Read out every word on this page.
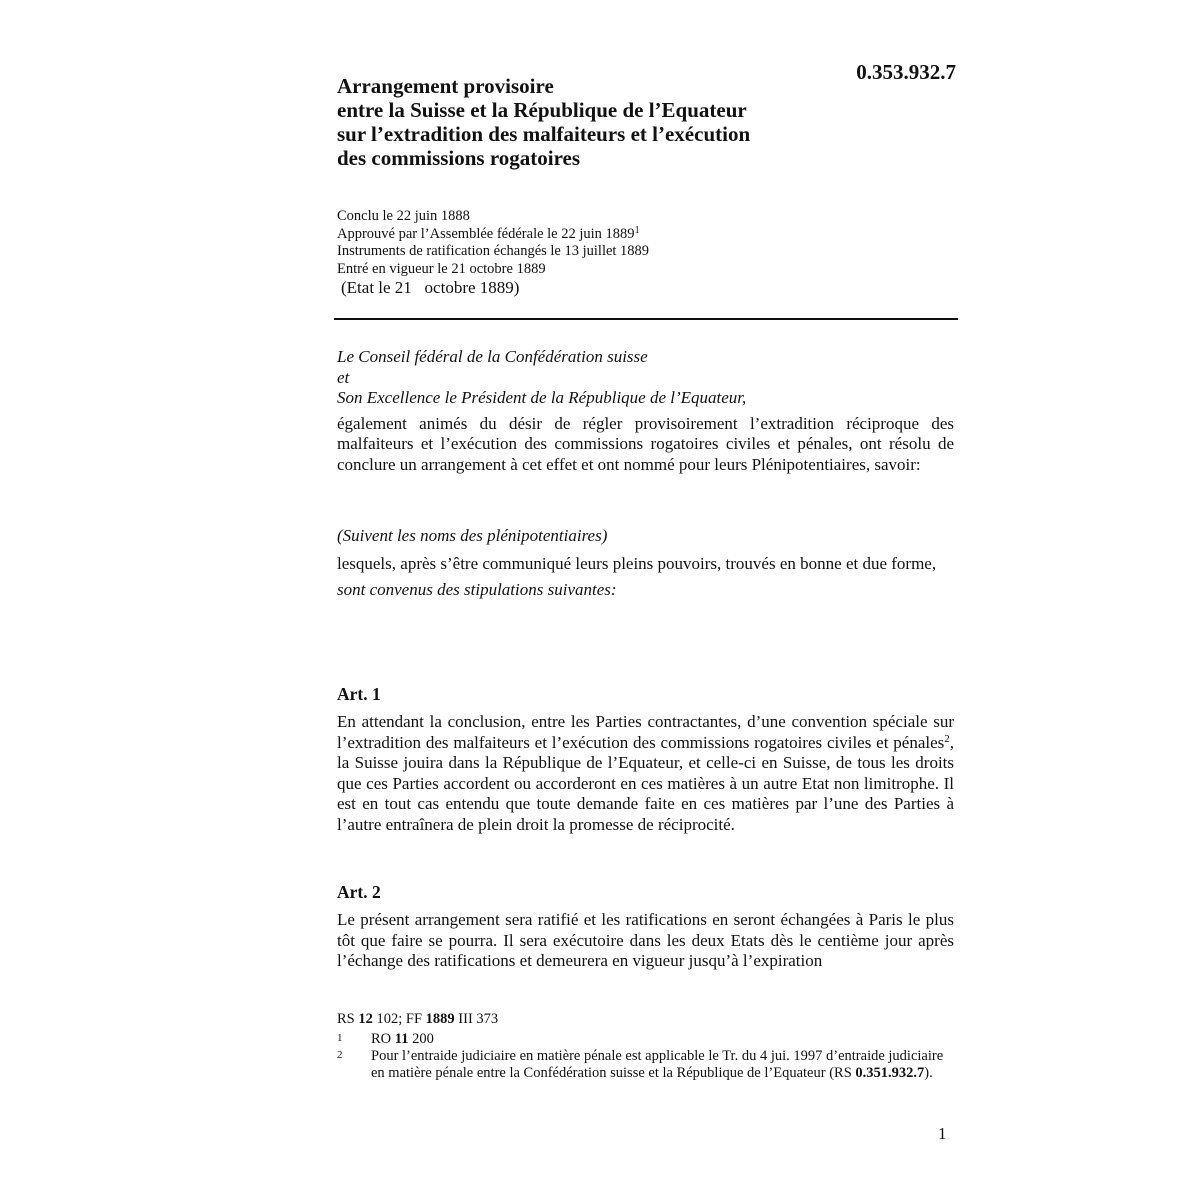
0.353.932.7
Arrangement provisoire
entre la Suisse et la République de l’Equateur
sur l’extradition des malfaiteurs et l’exécution
des commissions rogatoires
Conclu le 22 juin 1888
Approuvé par l’Assemblée fédérale le 22 juin 1889$^1$
Instruments de ratification échangés le 13 juillet 1889
Entré en vigueur le 21 octobre 1889
(Etat le 21   octobre 1889)

Le Conseil fédéral de la Confédération suisse

et

Son Excellence le Président de la République de l’Equateur,

également animés du désir de régler provisoirement l’extradition réciproque des malfaiteurs et l’exécution des commissions rogatoires civiles et pénales, ont résolu de conclure un arrangement à cet effet et ont nommé pour leurs Plénipotentiaires, savoir:

(Suivent les noms des plénipotentiaires)

lesquels, après s’être communiqué leurs pleins pouvoirs, trouvés en bonne et due forme,

sont convenus des stipulations suivantes:

Art. 1

En attendant la conclusion, entre les Parties contractantes, d’une convention spéciale sur l’extradition des malfaiteurs et l’exécution des commissions rogatoires civiles et pénales$^2$, la Suisse jouira dans la République de l’Equateur, et celle-ci en Suisse, de tous les droits que ces Parties accordent ou accorderont en ces matières à un autre Etat non limitrophe. Il est en tout cas entendu que toute demande faite en ces matières par l’une des Parties à l’autre entraînera de plein droit la promesse de réciprocité.

Art. 2

Le présent arrangement sera ratifié et les ratifications en seront échangées à Paris le plus tôt que faire se pourra. Il sera exécutoire dans les deux Etats dès le centième jour après l’échange des ratifications et demeurera en vigueur jusqu’à l’expiration

RS 12 102; FF 1889 III 373
1	RO 11 200
2	Pour l’entraide judiciaire en matière pénale est applicable le Tr. du 4 jui. 1997 d’entraide judiciaire en matière pénale entre la Confédération suisse et la République de l’Equateur (RS 0.351.932.7).
1
